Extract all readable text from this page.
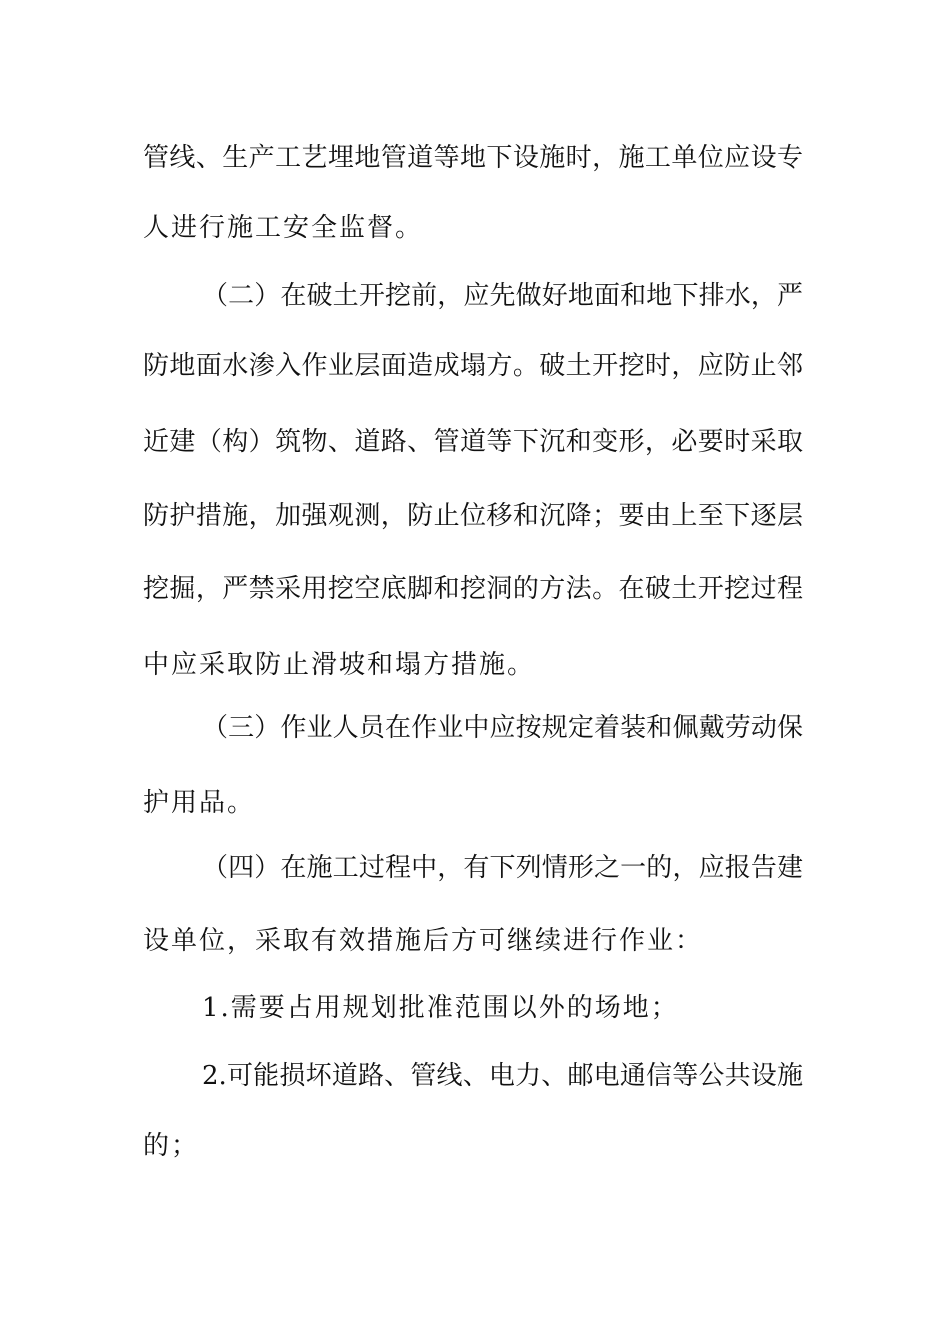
管线、生产工艺埋地管道等地下设施时，施工单位应设专
人进行施工安全监督。
（二）在破土开挖前，应先做好地面和地下排水，严
防地面水渗入作业层面造成塌方。破土开挖时，应防止邻
近建（构）筑物、道路、管道等下沉和变形，必要时采取
防护措施，加强观测，防止位移和沉降；要由上至下逐层
挖掘，严禁采用挖空底脚和挖洞的方法。在破土开挖过程
中应采取防止滑坡和塌方措施。
（三）作业人员在作业中应按规定着装和佩戴劳动保
护用品。
（四）在施工过程中，有下列情形之一的，应报告建
设单位，采取有效措施后方可继续进行作业：
1.需要占用规划批准范围以外的场地；
2.可能损坏道路、管线、电力、邮电通信等公共设施
的；
